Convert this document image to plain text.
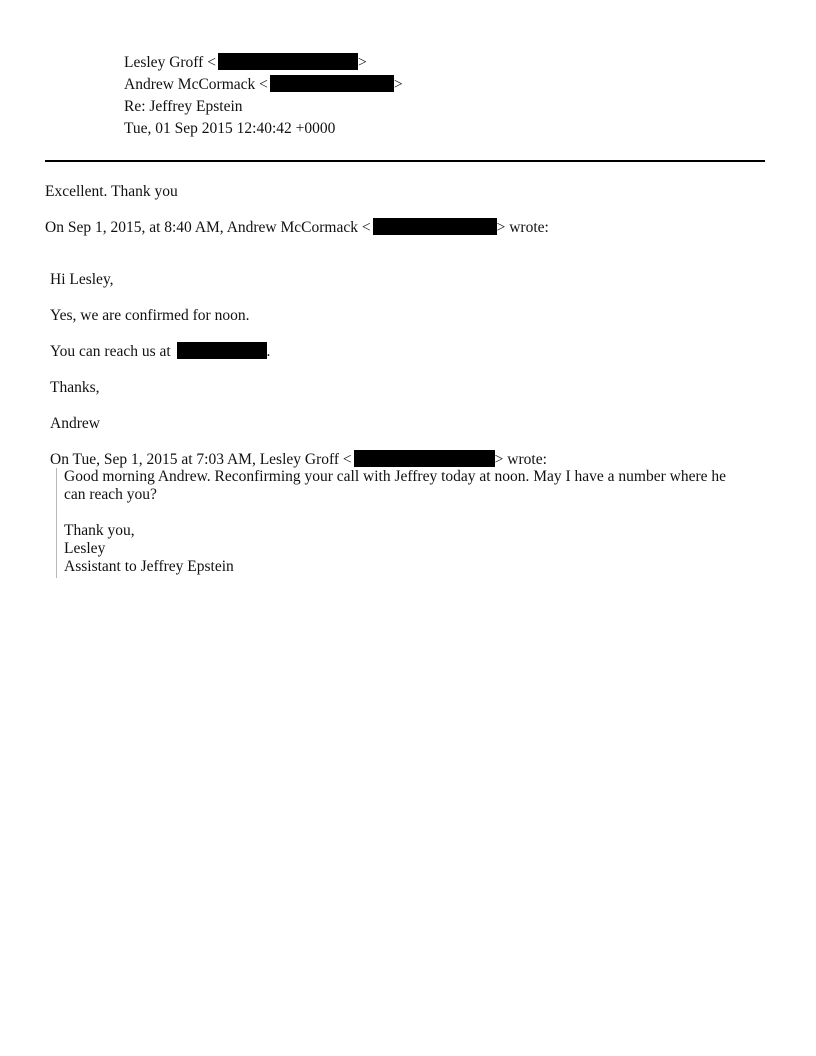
Lesley Groff <	>
Andrew McCormack <	>
Re: Jeffrey Epstein
Tue, 01 Sep 2015 12:40:42 +0000
Excellent. Thank you
On Sep 1, 2015, at 8:40 AM, Andrew McCormack <	> wrote:
Hi Lesley,
Yes, we are confirmed for noon.
You can reach us at	.
Thanks,
Andrew
On Tue, Sep 1, 2015 at 7:03 AM, Lesley Groff <	> wrote:
Good morning Andrew. Reconfirming your call with Jeffrey today at noon. May I have a number where he
can reach you?
Thank you,
Lesley
Assistant to Jeffrey Epstein
